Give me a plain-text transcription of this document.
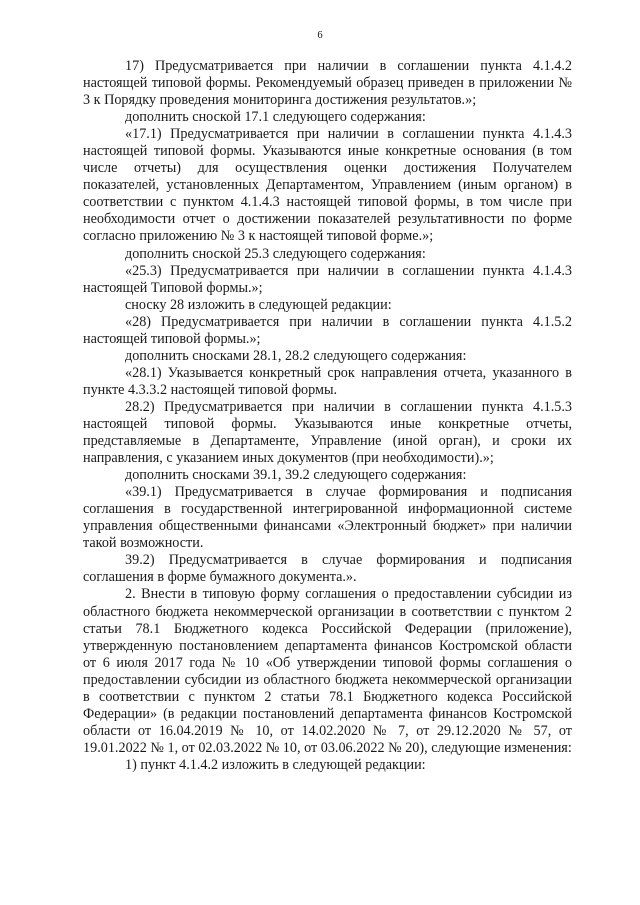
6

17) Предусматривается при наличии в соглашении пункта 4.1.4.2 настоящей типовой формы. Рекомендуемый образец приведен в приложении № 3 к Порядку проведения мониторинга достижения результатов.»;

дополнить сноской 17.1 следующего содержания:

«17.1) Предусматривается при наличии в соглашении пункта 4.1.4.3 настоящей типовой формы. Указываются иные конкретные основания (в том числе отчеты) для осуществления оценки достижения Получателем показателей, установленных Департаментом, Управлением (иным органом) в соответствии с пунктом 4.1.4.3 настоящей типовой формы, в том числе при необходимости отчет о достижении показателей результативности по форме согласно приложению № 3 к настоящей типовой форме.»;

дополнить сноской 25.3 следующего содержания:

«25.3) Предусматривается при наличии в соглашении пункта 4.1.4.3 настоящей Типовой формы.»;

сноску 28 изложить в следующей редакции:

«28) Предусматривается при наличии в соглашении пункта 4.1.5.2 настоящей типовой формы.»;

дополнить сносками 28.1, 28.2 следующего содержания:

«28.1) Указывается конкретный срок направления отчета, указанного в пункте 4.3.3.2 настоящей типовой формы.

28.2) Предусматривается при наличии в соглашении пункта 4.1.5.3 настоящей типовой формы. Указываются иные конкретные отчеты, представляемые в Департаменте, Управление (иной орган), и сроки их направления, с указанием иных документов (при необходимости).»;

дополнить сносками 39.1, 39.2 следующего содержания:

«39.1) Предусматривается в случае формирования и подписания соглашения в государственной интегрированной информационной системе управления общественными финансами «Электронный бюджет» при наличии такой возможности.

39.2) Предусматривается в случае формирования и подписания соглашения в форме бумажного документа.».

2. Внести в типовую форму соглашения о предоставлении субсидии из областного бюджета некоммерческой организации в соответствии с пунктом 2 статьи 78.1 Бюджетного кодекса Российской Федерации (приложение), утвержденную постановлением департамента финансов Костромской области от 6 июля 2017 года № 10 «Об утверждении типовой формы соглашения о предоставлении субсидии из областного бюджета некоммерческой организации в соответствии с пунктом 2 статьи 78.1 Бюджетного кодекса Российской Федерации» (в редакции постановлений департамента финансов Костромской области от 16.04.2019 № 10, от 14.02.2020 № 7, от 29.12.2020 № 57, от 19.01.2022 № 1, от 02.03.2022 № 10, от 03.06.2022 № 20), следующие изменения:

1) пункт 4.1.4.2 изложить в следующей редакции:
